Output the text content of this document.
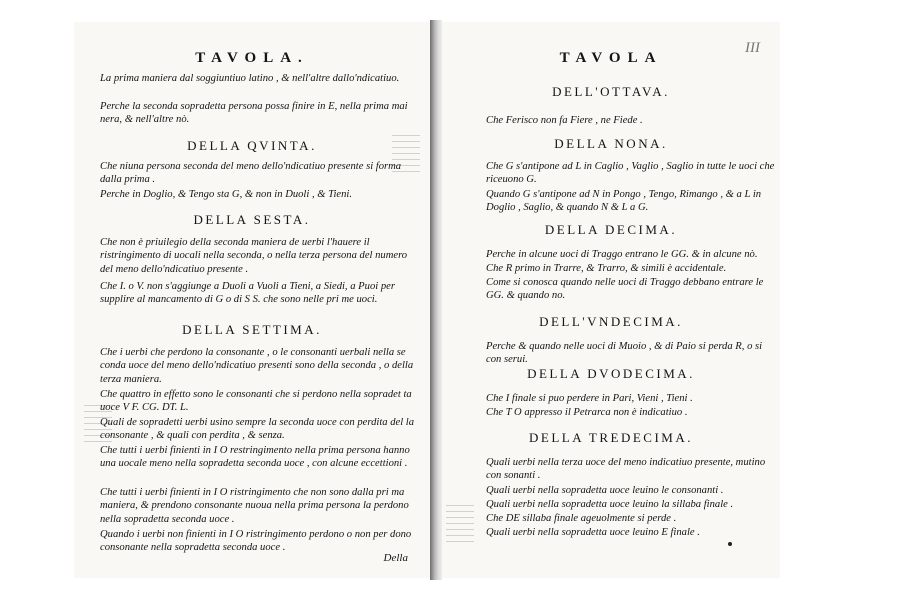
TAVOLA.

La prima maniera dal soggiuntiuo latino , & nell'altre dallo'ndicatiuo.

Perche la seconda sopradetta persona possa finire in E, nella prima mai nera, & nell'altre nò.

DELLA QVINTA.

Che niuna persona seconda del meno dello'ndicatiuo presente si forma dalla prima .

Perche in Doglio, & Tengo sta G, & non in Duoli , & Tieni.

DELLA SESTA.

Che non è priuilegio della seconda maniera de uerbi l'hauere il ristringimento di uocali nella seconda, o nella terza persona del numero del meno dello'ndicatiuo presente .

Che I. o V. non s'aggiunge a Duoli a Vuoli a Tieni, a Siedi, a Puoi per supplire al mancamento di G o di S S. che sono nelle pri me uoci.

DELLA SETTIMA.

Che i uerbi che perdono la consonante , o le consonanti uerbali nella se conda uoce del meno dello'ndicatiuo presenti sono della seconda , o della terza maniera.

Che quattro in effetto sono le consonanti che si perdono nella sopradet ta uoce V F. CG. DT. L.

Quali de sopradetti uerbi usino sempre la seconda uoce con perdita del la consonante , & quali con perdita , & senza.

Che tutti i uerbi finienti in I O restringimento nella prima persona hanno una uocale meno nella sopradetta seconda uoce , con alcune eccettioni .

Che tutti i uerbi finienti in I O ristringimento che non sono dalla pri ma maniera, & prendono consonante nuoua nella prima persona la perdono nella sopradetta seconda uoce .

Quando i uerbi non finienti in I O ristringimento perdono o non per dono consonante nella sopradetta seconda uoce .

Della
III
TAVOLA
DELL'OTTAVA.

Che Ferisco non fa Fiere , ne Fiede .

DELLA NONA.

Che G s'antipone ad L in Caglio , Vaglio , Saglio in tutte le uoci che riceuono G.

Quando G s'antipone ad N in Pongo , Tengo, Rimango , & a L in Doglio , Saglio, & quando N & L a G.

DELLA DECIMA.

Perche in alcune uoci di Traggo entrano le GG. & in alcune nò.

Che R primo in Trarre, & Trarro, & simili è accidentale.

Come si conosca quando nelle uoci di Traggo debbano entrare le GG. & quando no.

DELL'VNDECIMA.

Perche & quando nelle uoci di Muoio , & di Paio si perda R, o si con serui.

DELLA DVODECIMA.

Che I finale si puo perdere in Pari, Vieni , Tieni .

Che T O appresso il Petrarca non è indicatiuo .

DELLA TREDECIMA.

Quali uerbi nella terza uoce del meno indicatiuo presente, mutino con sonanti .

Quali uerbi nella sopradetta uoce leuino le consonanti .

Quali uerbi nella sopradetta uoce leuino la sillaba finale .

Che DE sillaba finale ageuolmente si perde .

Quali uerbi nella sopradetta uoce leuino E finale .
